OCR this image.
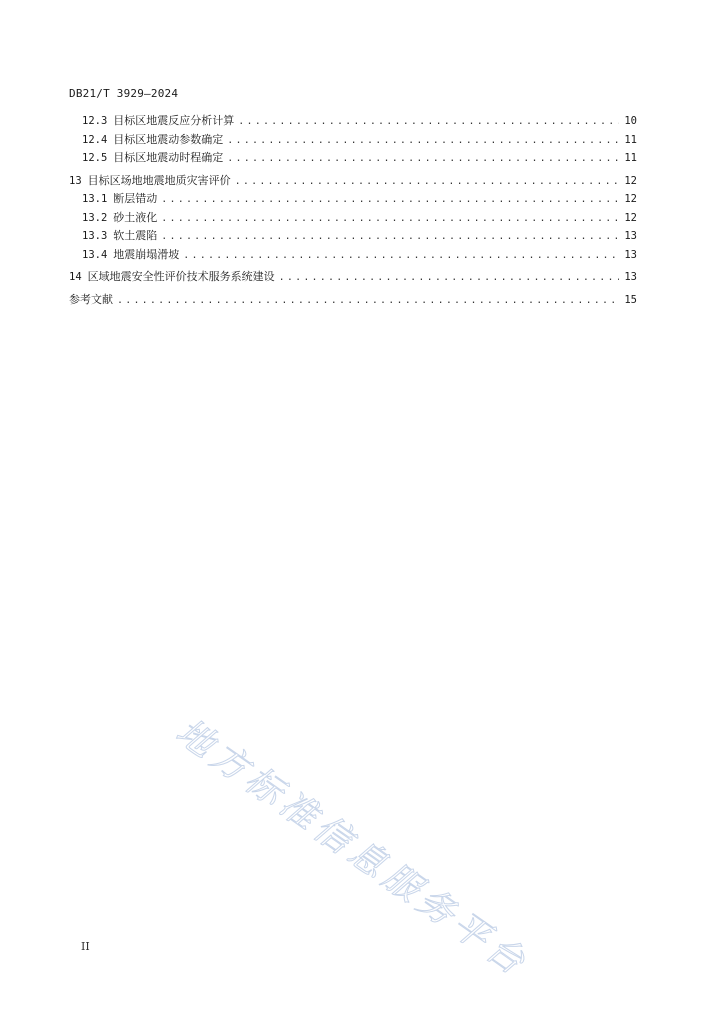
DB21/T 3929—2024
12.3 目标区地震反应分析计算 .....	10
12.4 目标区地震动参数确定 .....	11
12.5 目标区地震动时程确定 .....	11
13 目标区场地地震地质灾害评价 .....	12
13.1 断层错动 .....	12
13.2 砂土液化 .....	12
13.3 软土震陷 .....	13
13.4 地震崩塌滑坡 .....	13
14 区域地震安全性评价技术服务系统建设 .....	13
参考文献 .....	15
地方标准信息服务平台
II
